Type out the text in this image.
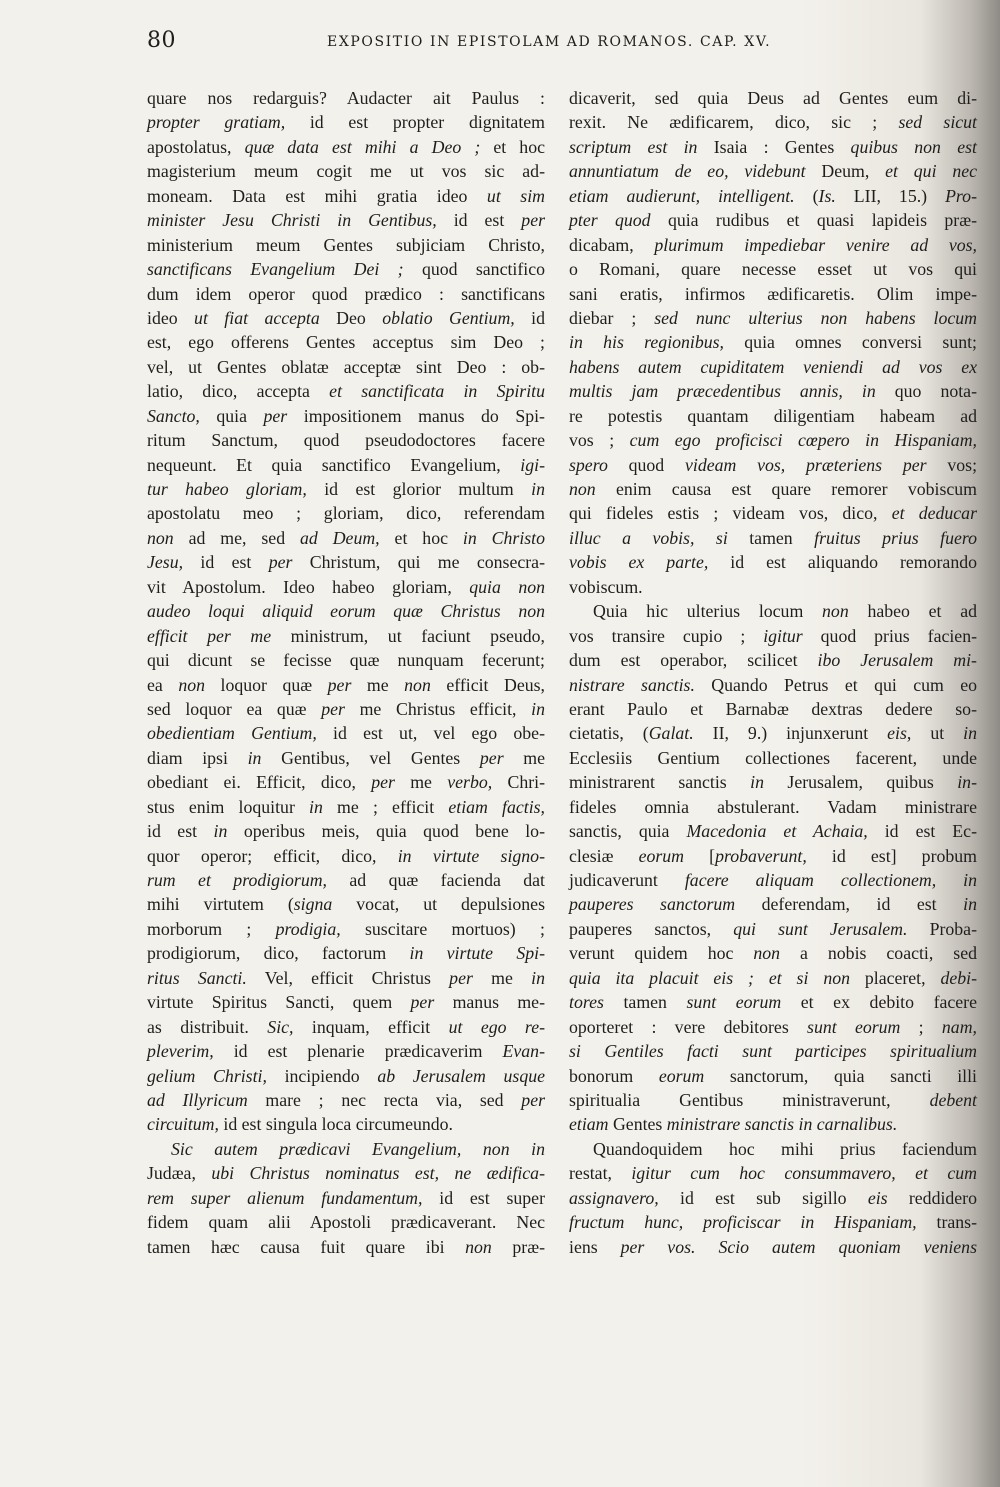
80	EXPOSITIO IN EPISTOLAM AD ROMANOS. CAP. XV.
quare nos redarguis? Audacter ait Paulus :
propter gratiam, id est propter dignitatem
apostolatus, quæ data est mihi a Deo ; et hoc
magisterium meum cogit me ut vos sic ad-
moneam. Data est mihi gratia ideo ut sim
minister Jesu Christi in Gentibus, id est per
ministerium meum Gentes subjiciam Christo,
sanctificans Evangelium Dei ; quod sanctifico
dum idem operor quod prædico : sanctificans
ideo ut fiat accepta Deo oblatio Gentium, id
est, ego offerens Gentes acceptus sim Deo ;
vel, ut Gentes oblatæ acceptæ sint Deo : ob-
latio, dico, accepta et sanctificata in Spiritu
Sancto, quia per impositionem manus do Spi-
ritum Sanctum, quod pseudodoctores facere
nequeunt. Et quia sanctifico Evangelium, igi-
tur habeo gloriam, id est glorior multum in
apostolatu meo ; gloriam, dico, referendam
non ad me, sed ad Deum, et hoc in Christo
Jesu, id est per Christum, qui me consecra-
vit Apostolum. Ideo habeo gloriam, quia non
audeo loqui aliquid eorum quæ Christus non
efficit per me ministrum, ut faciunt pseudo,
qui dicunt se fecisse quæ nunquam fecerunt;
ea non loquor quæ per me non efficit Deus,
sed loquor ea quæ per me Christus efficit, in
obedientiam Gentium, id est ut, vel ego obe-
diam ipsi in Gentibus, vel Gentes per me
obediant ei. Efficit, dico, per me verbo, Chri-
stus enim loquitur in me ; efficit etiam factis,
id est in operibus meis, quia quod bene lo-
quor operor; efficit, dico, in virtute signo-
rum et prodigiorum, ad quæ facienda dat
mihi virtutem (signa vocat, ut depulsiones
morborum ; prodigia, suscitare mortuos) ;
prodigiorum, dico, factorum in virtute Spi-
ritus Sancti. Vel, efficit Christus per me in
virtute Spiritus Sancti, quem per manus me-
as distribuit. Sic, inquam, efficit ut ego re-
pleverim, id est plenarie prædicaverim Evan-
gelium Christi, incipiendo ab Jerusalem usque
ad Illyricum mare ; nec recta via, sed per
circuitum, id est singula loca circumeundo.
Sic autem prædicavi Evangelium, non in
Judæa, ubi Christus nominatus est, ne ædifica-
rem super alienum fundamentum, id est super
fidem quam alii Apostoli prædicaverant. Nec
tamen hæc causa fuit quare ibi non præ-
dicaverit, sed quia Deus ad Gentes eum di-
rexit. Ne ædificarem, dico, sic ; sed sicut
scriptum est in Isaia : Gentes quibus non est
annuntiatum de eo, videbunt Deum, et qui nec
etiam audierunt, intelligent. (Is. LII, 15.) Pro-
pter quod quia rudibus et quasi lapideis præ-
dicabam, plurimum impediebar venire ad vos,
o Romani, quare necesse esset ut vos qui
sani eratis, infirmos ædificaretis. Olim impe-
diebar ; sed nunc ulterius non habens locum
in his regionibus, quia omnes conversi sunt;
habens autem cupiditatem veniendi ad vos ex
multis jam præcedentibus annis, in quo nota-
re potestis quantam diligentiam habeam ad
vos ; cum ego proficisci cœpero in Hispaniam,
spero quod videam vos, præteriens per vos;
non enim causa est quare remorer vobiscum
qui fideles estis ; videam vos, dico, et deducar
illuc a vobis, si tamen fruitus prius fuero
vobis ex parte, id est aliquando remorando
vobiscum.
Quia hic ulterius locum non habeo et ad
vos transire cupio ; igitur quod prius facien-
dum est operabor, scilicet ibo Jerusalem mi-
nistrare sanctis. Quando Petrus et qui cum eo
erant Paulo et Barnabæ dextras dedere so-
cietatis, (Galat. II, 9.) injunxerunt eis, ut in
Ecclesiis Gentium collectiones facerent, unde
ministrarent sanctis in Jerusalem, quibus in-
fideles omnia abstulerant. Vadam ministrare
sanctis, quia Macedonia et Achaia, id est Ec-
clesiæ eorum [probaverunt, id est] probum
judicaverunt facere aliquam collectionem, in
pauperes sanctorum deferendam, id est in
pauperes sanctos, qui sunt Jerusalem. Proba-
verunt quidem hoc non a nobis coacti, sed
quia ita placuit eis ; et si non placeret, debi-
tores tamen sunt eorum et ex debito facere
oporteret : vere debitores sunt eorum ; nam,
si Gentiles facti sunt participes spiritualium
bonorum eorum sanctorum, quia sancti illi
spiritualia Gentibus ministraverunt, debent
etiam Gentes ministrare sanctis in carnalibus.
Quandoquidem hoc mihi prius faciendum
restat, igitur cum hoc consummavero, et cum
assignavero, id est sub sigillo eis reddidero
fructum hunc, proficiscar in Hispaniam, trans-
iens per vos. Scio autem quoniam veniens
